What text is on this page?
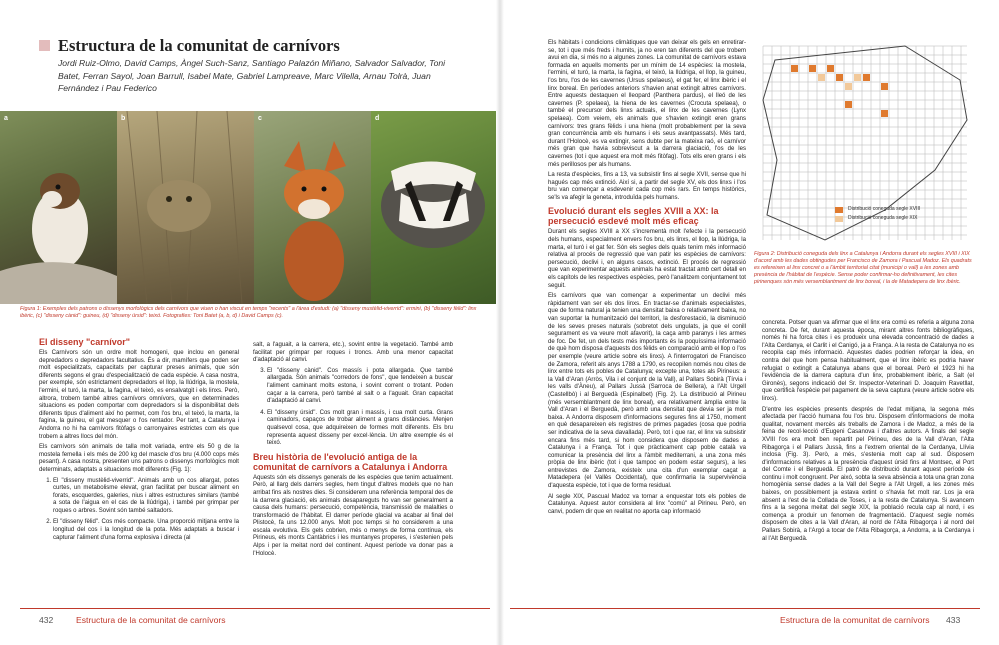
Estructura de la comunitat de carnívors

Jordi Ruiz-Olmo, David Camps, Àngel Such-Sanz, Santiago Palazón Miñano, Salvador Salvador, Toni Batet, Ferran Sayol, Joan Barrull, Isabel Mate, Gabriel Lampreave, Marc Vilella, Arnau Tolrà, Juan Fernández i Pau Federico

a	b	c	d

Figura 1: Exemples dels patrons o dissenys morfològics dels carnívors que viuen o han viscut en temps "recents" a l'àrea d'estudi: (a) "disseny mustèlid-viverrid": ermini, (b) "disseny fèlid": linx ibèric, (c) "disseny cànid": guineu, (d) "disseny úrsid": teixó. Fotografies: Toni Batet (a, b, d) i David Camps (c).

El disseny "carnívor"

Els Carnívors són un ordre molt homogeni, que inclou en general depredadors o depredadors facultatius. És a dir, mamífers que poden ser molt especialitzats, capacitats per capturar preses animals, que són diferents segons el grau d'especialització de cada espècie. A casa nostra, per exemple, són estrictament depredadors el llop, la llúdriga, la mostela, l'ermini, el turó, la marta, la fagina, el teixó, es ensalvatgit i els linxs. Però, altrora, trobem també altres carnívors omnívors, que en determinades situacions es poden comportar com depredadors si la disponibilitat dels diferents tipus d'aliment així ho permet, com l'os bru, el teixó, la marta, la fagina, la guineu, el gat mesquer o l'os rentador. Per tant, a Catalunya i Andorra no hi ha carnívors fitòfags o carronyaires estrictes com els que trobem a altres llocs del món.

Els carnívors són animals de talla molt variada, entre els 50 g de la mostela femella i els més de 200 kg del mascle d'os bru (4.000 cops més pesant). A casa nostra, presenten uns patrons o dissenys morfològics molt determinats, adaptats a situacions molt diferents (Fig. 1):

1. El "disseny mustèlid-viverrid". Animals amb un cos allargat, potes curtes, un metabolisme elevat, gran facilitat per buscar aliment en forats, escquerdes, galeries, nius i altres estructures similars (també a sota de l'aigua en el cas de la llúdriga), i també per grimpar per roques o arbres. Sovint són també saltadors.
2. El "disseny fèlid". Cos més compacte. Una proporció mitjana entre la longitud del cos i la longitud de la pota. Més adaptats a buscar i capturar l'aliment d'una forma explosiva i directa (al

salt, a l'aguait, a la carrera, etc.), sovint entre la vegetació. També amb facilitat per grimpar per roques i troncs. Amb una menor capacitat d'adaptació al canvi.

3. El "disseny cànid". Cos massís i pota allargada. Que també allargada. Són animals "corredors de fons", que tendeixen a buscar l'aliment caminant molts estona, i sovint corrent o trotant. Poden caçar a la carrera, però també al salt o a l'aguait. Gran capacitat d'adaptació al canvi.
4. El "disseny úrsid". Cos molt gran i massís, i cua molt curta. Grans caminadors, capaços de trobar aliment a grans distàncies. Menjen qualsevol cosa, que adquireixen de formes molt diferents. Els bru representa aquest disseny per excel·lència. Un altre exemple és el teixó.
Breu història de l'evolució antiga de la comunitat de carnívors a Catalunya i Andorra

Aquests són els dissenys generals de les espècies que tenim actualment. Però, al llarg dels darrers segles, hem tingut d'altres models que no han arribat fins als nostres dies. Si considerem una referència temporal des de la darrera glaciació, els animals desapareguts ho van ser generalment a causa dels humans: persecució, competència, transmissió de malalties o transformació de l'hàbitat. El darrer període glacial va acabar al final del Plistocè, fa uns 12.000 anys. Molt poc temps si ho considerem a una escala evolutiva. Els gels cobrien, més o menys de forma contínua, els Pirineus, els monts Cantàbrics i les muntanyes properes, i s'estenien pels Alps i per la meitat nord del continent. Aquest període va donar pas a l'Holocè.

432	Estructura de la comunitat de carnívors

Els hàbitats i condicions climàtiques que van deixar els gels en enretirar-se, tot i que més freds i humits, ja no eren tan diferents del que trobem avui en dia, si més no a algunes zones. La comunitat de carnívors estava formada en aquells moments per un mínim de 14 espècies: la mostela, l'ermini, el turó, la marta, la fagina, el teixó, la llúdriga, el llop, la guineu, l'os bru, l'os de les cavernes (Ursus spelaeus), el gat fer, el linx ibèric i el linx boreal. En períodes anteriors s'havien anat extingit altres carnívors. Entre aquests destaquen el lleopard (Panthera pardus), el lleó de les cavernes (P. spelaea), la hiena de les cavernes (Crocuta spelaea), o també el precursor dels linxs actuals, el linx de les cavernes (Lynx spelaea). Com veiem, els animals que s'havien extingit eren grans carnívors: tres grans fèlids i una hiena (molt probablement per la seva gran concurrència amb els humans i els seus avantpassats). Més tard, durant l'Holocè, es va extingir, sens dubte per la mateixa raó, el carnívor més gran que havia sobreviscut a la darrera glaciació, l'os de les cavernes (tot i que aquest era molt més fitòfag). Tots ells eren grans i els més perillosos per als humans.

La resta d'espècies, fins a 13, va subsistir fins al segle XVII, sense que hi hagués cap més extinció. Així si, a partir del segle XV, els dos linxs i l'os bru van començar a esdevenir cada cop més rars. En temps històrics, se'ls va afegir la geneta, introduïda pels humans.

Evolució durant els segles XVIII a XX: la persecució esdevé molt més eficaç

Durant els segles XVIII a XX s'incrementà molt l'efecte i la persecució dels humans, especialment envers l'os bru, els linxs, el llop, la llúdriga, la marta, el turó i el gat fer. Són els segles dels quals tenim més informació relativa al procés de regressió que van patir les espècies de carnívors: persecució, declivi i, en alguns casos, extinció. El procés de regressió que van experimentar aquests animals ha estat tractat amb cert detall en els capítols de les respectives espècies, però l'analitzem conjuntament tot seguit.

Els carnívors que van començar a experimentar un declivi més ràpidament van ser els dos linxs. En tractar-se d'animals especialistes, que de forma natural ja tenien una densitat baixa o relativament baixa, no van suportar la humanització del territori, la desforestació, la disminució de les seves preses naturals (sobretot dels ungulats, ja que el conill segurament es va veure molt afavorit), la caça amb paranys i les armes de foc. De fet, un dels tests més importants és la poquíssima informació de què hom disposa d'aquests dos fèlids en comparació amb el llop o l'os per exemple (veure article sobre els linxs). A l'interrogatori de Francisco de Zamora, referit als anys 1788 a 1790, es recopilen només nou cites de linx entre tots els pobles de Catalunya; excepte una, totes als Pirineus: a la Vall d'Aran (Arròs, Vila i el conjunt de la Vall), al Pallars Sobirà (Tírvia i les valls d'Àneu), al Pallars Jussà (Sarroca de Bellera), a l'Alt Urgell (Castellbò) i al Berguedà (Espinalbet) (Fig. 2). La distribució al Pirineu (més versemblantment de linx boreal), era relativament àmplia entre la Vall d'Aran i el Berguedà, però amb una densitat que devia ser ja molt baixa. A Andorra disposem d'informacions segures fins al 1750, moment en què desapareixen els registres de primes pagades (cosa que podria ser indicativa de la seva davallada). Però, tot i que rar, el linx va subsistir encara fins més tard, si hom considera que disposem de dades a Catalunya i a França. Tot i que pràcticament cap poble català va comunicar la presència del linx a l'àmbit mediterrani, a una zona més pròpia de linx ibèric (tot i que tampoc en podem estar segurs), a les entrevistes de Zamora, existeix una cita d'un exemplar caçat a Matadepera (el Vallès Occidental), que confirmaria la supervivència d'aquesta espècie, tot i que de forma residual.

Al segle XIX, Pascual Madoz va tornar a enquestar tots els pobles de Catalunya. Aquest autor considera al linx "comú" al Pirineu. Però, en canvi, podem dir que en realitat no aporta cap informació

Distribució coneguda segle XVIII
Distribució coneguda segle XIX

Figura 2: Distribució coneguda dels linx a Catalunya i Andorra durant els segles XVIII i XIX d'acord amb les dades obtingudes per Francisco de Zamora i Pascual Madoz. Els quadrats es refereixen al linx concret o a l'àmbit territorial citat (municipi o vall) a les zones amb presència de l'hàbitat de l'espècie. Sense poder confirmar-ho definitivament, les cites pirinenques són més versemblantment de linx boreal, i la de Matadepera de linx ibèric.

concreta. Potser quan va afirmar que el linx era comú es referia a alguna zona concreta. De fet, durant aquesta època, mirant altres fonts bibliogràfiques, només hi ha forca cites i es produeix una elevada concentració de dades a l'Alta Cerdanya, el Carlit i el Canigó, ja a França. A la resta de Catalunya no es recopila cap més informació. Aquestes dades podrien reforçar la idea, en contra del que hom pensa habitualment, que el linx ibèric es podria haver refugiat o extingit a Catalunya abans que el boreal. Però el 1923 hi ha l'evidència de la darrera captura d'un linx, probablement ibèric, a Salt (el Gironès), segons indicació del Sr. Inspector-Veterinari D. Joaquim Ravetllat, que certificà l'espècie pel pagament de la seva captura (veure article sobre els linxs).

D'entre les espècies presents després de l'edat mitjana, la segona més afectada per l'acció humana fou l'os bru. Disposem d'informacions de molta qualitat, novament mercès als treballs de Zamora i de Madoz, a més de la feina de recol·lecció d'Eugeni Casanova i d'altres autors. A finals del segle XVIII l'os era molt ben repartit pel Pirineu, des de la Vall d'Aran, l'Alta Ribagorça i el Pallars Jussà, fins a l'extrem oriental de la Cerdanya, Llívia inclosa (Fig. 3). Però, a més, s'estenia molt cap al sud. Disposem d'informacions relatives a la presència d'aquest úrsid fins al Montsec, el Port del Comte i el Berguedà. El patró de distribució durant aquest període és continu i molt congruent. Per aixó, sobta la seva absència a tota una gran zona homogènia sense dades a la Vall del Segre a l'Alt Urgell, a les zones més baixes, on possiblement ja estava extint o s'havia fet molt rar. Los ja era absent a l'est de la Collada de Toses, i a la resta de Catalunya. Si avancem fins a la segona meitat del segle XIX, la població recula cap al nord, i es comença a produir un fenomen de fragmentació. D'aquest segle només disposem de cites a la Vall d'Aran, al nord de l'Alta Ribagorça i al nord del Pallars Sobirà, a l'Argó a tocar de l'Alta Ribagorça, a Andorra, a la Cerdanya i al l'Alt Berguedà.

Estructura de la comunitat de carnívors 433
